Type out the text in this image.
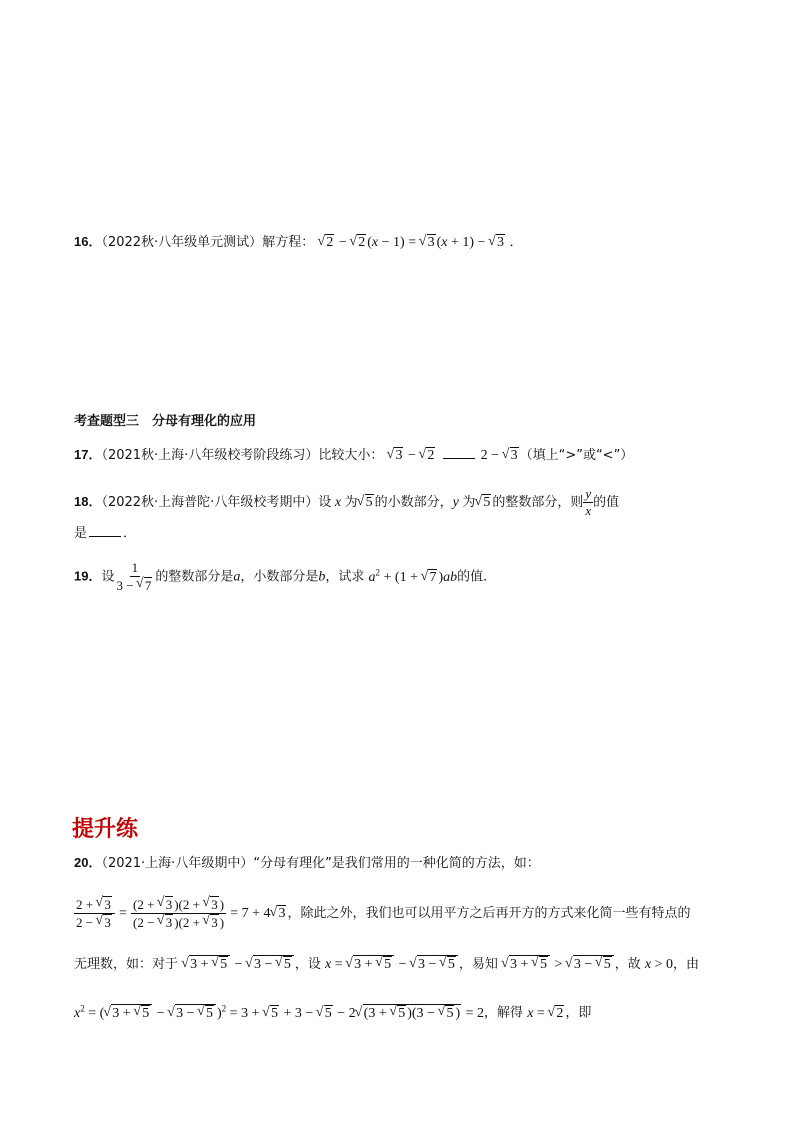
16．（2022秋·八年级单元测试）解方程： √ 2 − √ 2 (x − 1) = √ 3 (x + 1) − √ 3 ．
考查题型三　分母有理化的应用
17．（2021秋·上海·八年级校考阶段练习）比较大小： √ 3 − √ 2	2 − √ 3 （填上“>”或“<”）
18．（2022秋·上海普陀·八年级校考期中）设 x 为√ 5 的小数部分，y 为√ 5 的整数部分，则 $\frac{y}{x}$ 的值
是	．
19．设 $\frac{1}{3 - √ 7}$ 的整数部分是a，小数部分是b，试求 $a^2 + (1$ + √ 7 )ab的值．
提升练
20．（2021·上海·八年级期中）“分母有理化”是我们常用的一种化简的方法，如：
$\frac{2 + √ 3}{2 - √ 3} = \frac{(2 + √ 3 )(2 + √ 3 )}{(2 - √ 3 )(2 + √ 3 )} = 7 + 4√$ 3 ，除此之外，我们也可以用平方之后再开方的方式来化简一些有特点的
无理数，如：对于 √ 3 + √ 5 − √ 3 − √ 5 ，设 x = √ 3 + √ 5 − √ 3 − √ 5 ，易知 √ 3 + √ 5 > √ 3 − √ 5 ，故 x > 0，由
$x^2$ = (√ 3 + √ 5 − √ 3 − √ 5 )$^2$ = 3 + √ 5 + 3 − √ 5 − 2√ (3 + √ 5 )(3 − √ 5 ) = 2，解得 x = √ 2 ，即
